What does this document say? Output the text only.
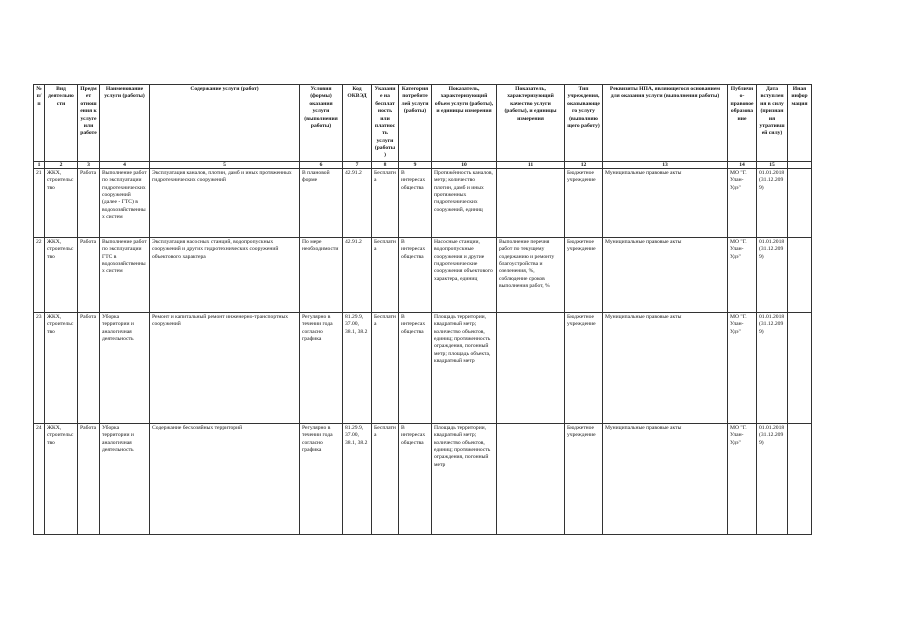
№ п/п	Вид деятельности	Предмет отношения к услуге или работе	Наименование услуги (работы)	Содержание услуги (работ)	Условия (формы) оказания услуги (выполнения работы)	Код ОКВЭД	Указание на бесплатность или платность услуги (работы)	Категория потребителей услуги (работы)	Показатель, характеризующий объем услуги (работы), и единицы измерения	Показатель, характеризующий качество услуги (работы), и единицы измерения	Тип учреждения, оказывающего услугу (выполняющего работу)	Реквизиты НПА, являющегося основанием для оказания услуги (выполнения работы)	Публично-правовое образование	Дата вступления в силу (признания утратившей силу)	Иная информация
1	2	3	4	5	6	7	8	9	10	11	12	13	14	15	
21	ЖКХ, строительство	Работа	Выполнение работ по эксплуатации гидротехнических сооружений (далее - ГТС) в водохозяйственных систем	Эксплуатация каналов, плотин, дамб и иных протяженных гидротехнических сооружений	В плановой форме	42.91.2	Бесплатна	В интересах общества	Протяжённость каналов, метр; количество плотин, дамб и иных протяженных гидротехнических сооружений, единиц		Бюджетное учреждение	Муниципальные правовые акты	МО "Г. Улан-Удэ"	01.01.2018 (31.12.2099)	
22	ЖКХ, строительство	Работа	Выполнение работ по эксплуатации ГТС в водохозяйственных систем	Эксплуатация насосных станций, водопропускных сооружений и других гидротехнических сооружений объектового характера	По мере необходимости	42.91.2	Бесплатна	В интересах общества	Насосные станции, водопропускные сооружения и другие гидротехнические сооружения объектового характера, единиц	Выполнение перечня работ по текущему содержанию и ремонту благоустройства и озеленения, %, соблюдение сроков выполнения работ, %	Бюджетное учреждение	Муниципальные правовые акты	МО "Г. Улан-Удэ"	01.01.2018 (31.12.2099)	
23	ЖКХ, строительство	Работа	Уборка территории и аналогичная деятельность	Ремонт и капитальный ремонт инженерно-транспортных сооружений	Регулярно в течении года согласно графика	81.29.9, 37.00, 38.1, 38.2	Бесплатна	В интересах общества	Площадь территории, квадратный метр; количество объектов, единиц; протяженность ограждения, погонный метр; площадь объекта, квадратный метр		Бюджетное учреждение	Муниципальные правовые акты	МО "Г. Улан-Удэ"	01.01.2018 (31.12.2099)	
24	ЖКХ, строительство	Работа	Уборка территории и аналогичная деятельность	Содержание бесхозяйных территорий	Регулярно в течении года согласно графика	81.29.9, 37.00, 38.1, 38.2	Бесплатна	В интересах общества	Площадь территории, квадратный метр; количество объектов, единиц; протяженность ограждения, погонный метр		Бюджетное учреждение	Муниципальные правовые акты	МО "Г. Улан-Удэ"	01.01.2018 (31.12.2099)	
